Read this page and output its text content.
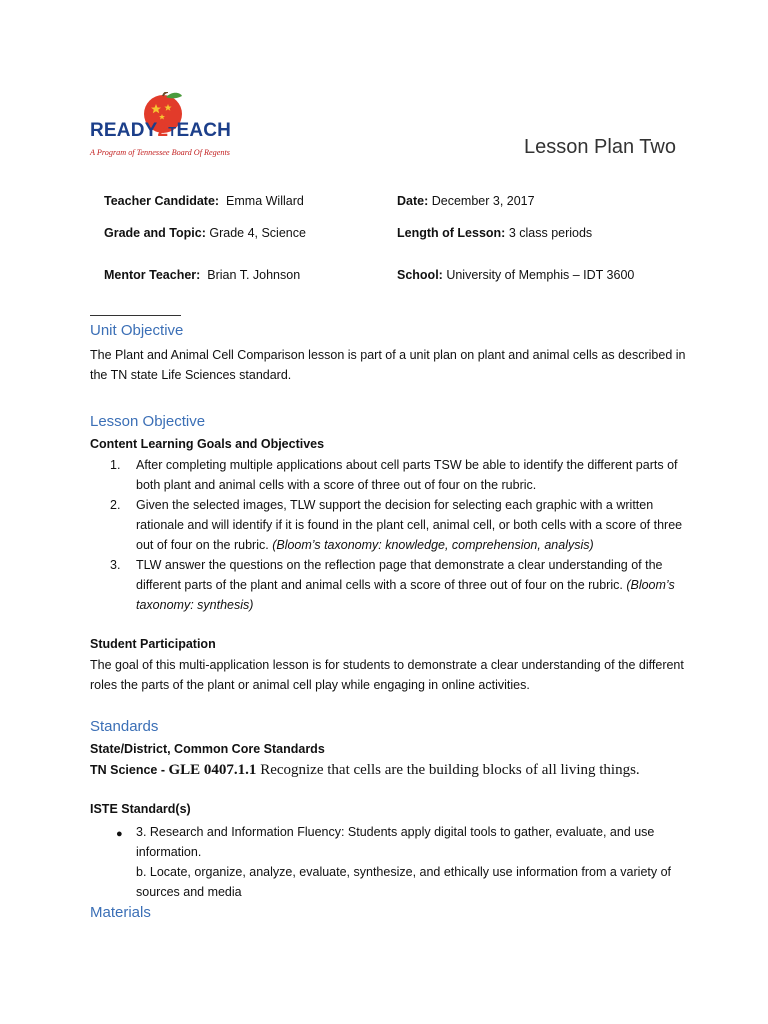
READY2TEACH
A Program of Tennessee Board Of Regents	Lesson Plan Two
Teacher Candidate: Emma Willard	Date: December 3, 2017
Grade and Topic: Grade 4, Science	Length of Lesson: 3 class periods
Mentor Teacher: Brian T. Johnson	School: University of Memphis – IDT 3600
Unit Objective
The Plant and Animal Cell Comparison lesson is part of a unit plan on plant and animal cells as described in the TN state Life Sciences standard.
Lesson Objective
Content Learning Goals and Objectives
1. After completing multiple applications about cell parts TSW be able to identify the different parts of both plant and animal cells with a score of three out of four on the rubric.
2. Given the selected images, TLW support the decision for selecting each graphic with a written rationale and will identify if it is found in the plant cell, animal cell, or both cells with a score of three out of four on the rubric. (Bloom’s taxonomy: knowledge, comprehension, analysis)
3. TLW answer the questions on the reflection page that demonstrate a clear understanding of the different parts of the plant and animal cells with a score of three out of four on the rubric. (Bloom’s taxonomy: synthesis)
Student Participation
The goal of this multi-application lesson is for students to demonstrate a clear understanding of the different roles the parts of the plant or animal cell play while engaging in online activities.
Standards
State/District, Common Core Standards
TN Science - GLE 0407.1.1 Recognize that cells are the building blocks of all living things.
ISTE Standard(s)
● 3. Research and Information Fluency: Students apply digital tools to gather, evaluate, and use information.
b. Locate, organize, analyze, evaluate, synthesize, and ethically use information from a variety of sources and media
Materials
